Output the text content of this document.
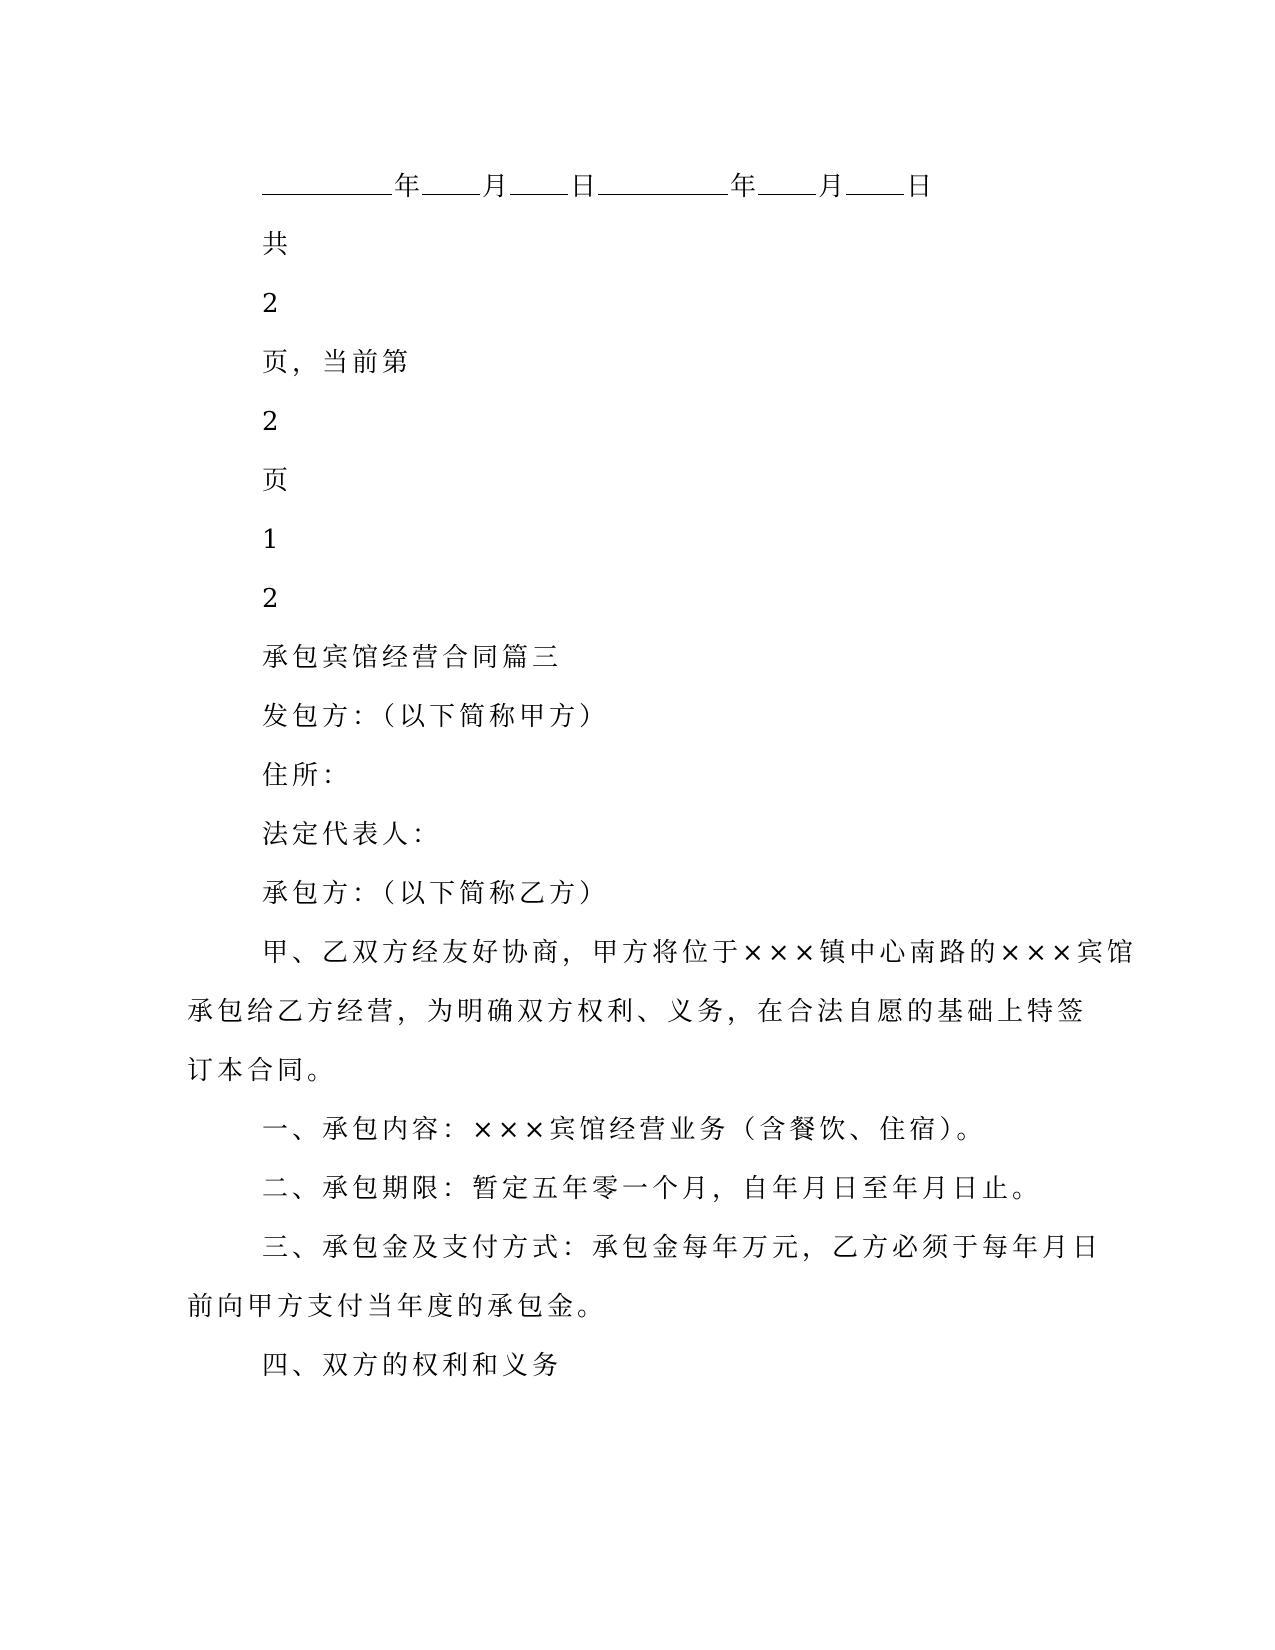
年 月 日	年 月 日
共
2
页，当前第
2
页
1
2
承包宾馆经营合同篇三
发包方：（以下简称甲方）
住所：
法定代表人：
承包方：（以下简称乙方）
甲、乙双方经友好协商，甲方将位于×××镇中心南路的×××宾馆
承包给乙方经营，为明确双方权利、义务，在合法自愿的基础上特签
订本合同。
一、承包内容：×××宾馆经营业务（含餐饮、住宿）。
二、承包期限：暂定五年零一个月，自年月日至年月日止。
三、承包金及支付方式：承包金每年万元，乙方必须于每年月日
前向甲方支付当年度的承包金。
四、双方的权利和义务
